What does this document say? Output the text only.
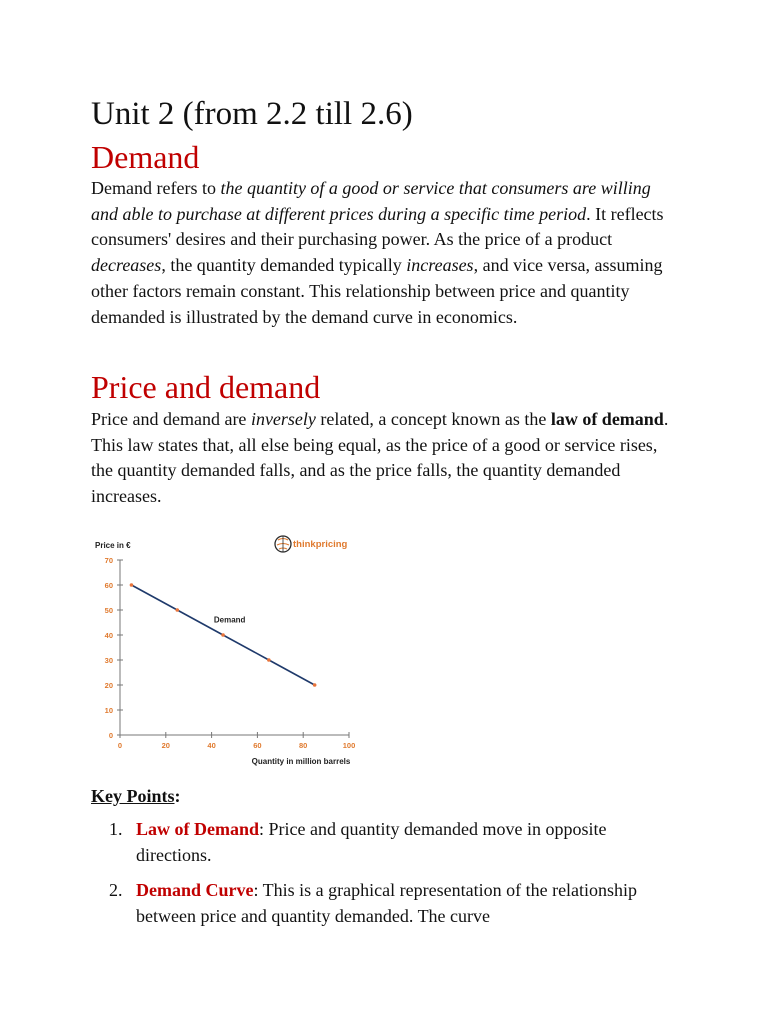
Unit 2 (from 2.2 till 2.6)
Demand

Demand refers to the quantity of a good or service that consumers are willing and able to purchase at different prices during a specific time period. It reflects consumers' desires and their purchasing power. As the price of a product decreases, the quantity demanded typically increases, and vice versa, assuming other factors remain constant. This relationship between price and quantity demanded is illustrated by the demand curve in economics.

Price and demand

Price and demand are inversely related, a concept known as the law of demand. This law states that, all else being equal, as the price of a good or service rises, the quantity demanded falls, and as the price falls, the quantity demanded increases.

Price in €
Quantity in million barrels
thinkpricing
0
10
20
30
40
50
60
70
0	20	40	60	80	100
Demand
Key Points:
1. Law of Demand: Price and quantity demanded move in opposite directions.
2. Demand Curve: This is a graphical representation of the relationship between price and quantity demanded. The curve
